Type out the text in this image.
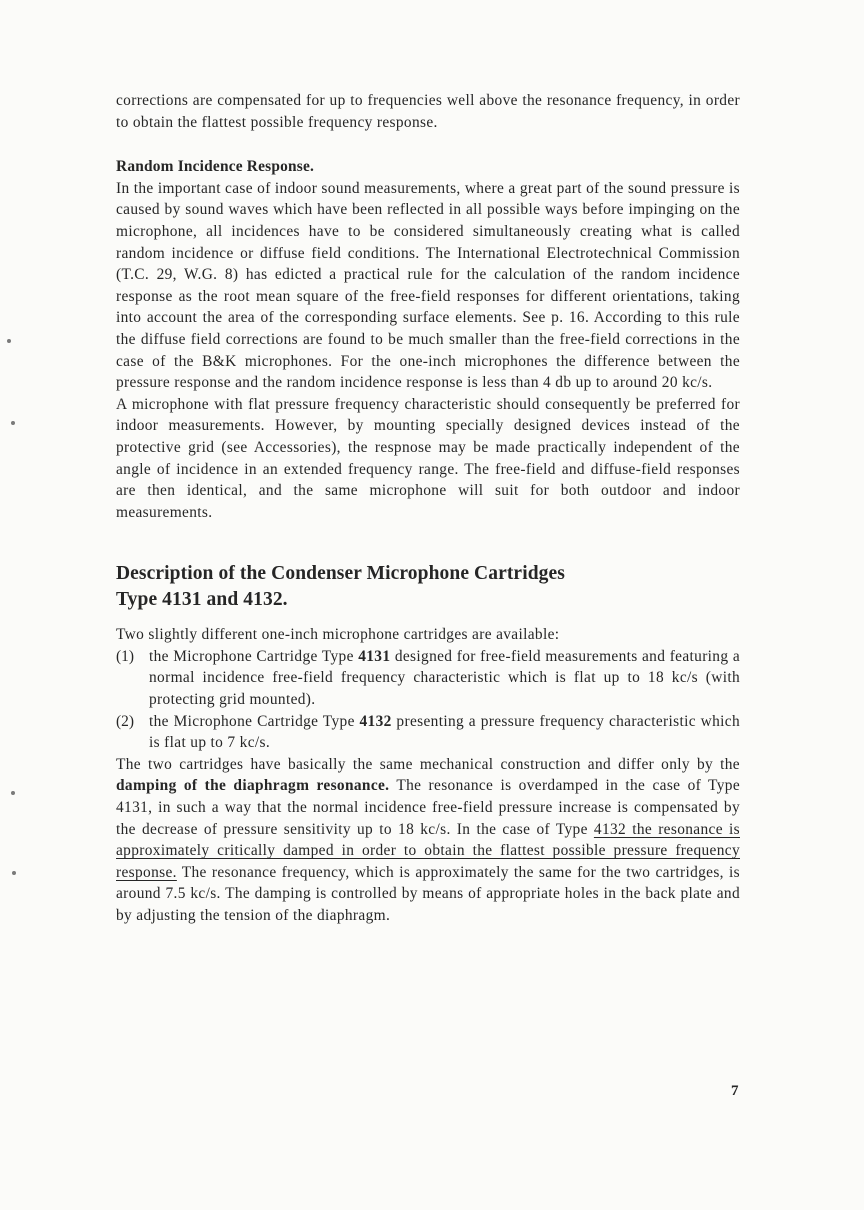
corrections are compensated for up to frequencies well above the resonance frequency, in order to obtain the flattest possible frequency response.

Random Incidence Response.

In the important case of indoor sound measurements, where a great part of the sound pressure is caused by sound waves which have been reflected in all possible ways before impinging on the microphone, all incidences have to be considered simultaneously creating what is called random incidence or diffuse field conditions. The International Electrotechnical Commission (T.C. 29, W.G. 8) has edicted a practical rule for the calculation of the random incidence response as the root mean square of the free-field responses for different orientations, taking into account the area of the corresponding surface elements. See p. 16. According to this rule the diffuse field corrections are found to be much smaller than the free-field corrections in the case of the B&K microphones. For the one-inch microphones the difference between the pressure response and the random incidence response is less than 4 db up to around 20 kc/s.

A microphone with flat pressure frequency characteristic should consequently be preferred for indoor measurements. However, by mounting specially designed devices instead of the protective grid (see Accessories), the respnose may be made practically independent of the angle of incidence in an extended frequency range. The free-field and diffuse-field responses are then identical, and the same microphone will suit for both outdoor and indoor measurements.

Description of the Condenser Microphone Cartridges
Type 4131 and 4132.

Two slightly different one-inch microphone cartridges are available:

(1) the Microphone Cartridge Type 4131 designed for free-field measurements and featuring a normal incidence free-field frequency characteristic which is flat up to 18 kc/s (with protecting grid mounted).

(2) the Microphone Cartridge Type 4132 presenting a pressure frequency characteristic which is flat up to 7 kc/s.

The two cartridges have basically the same mechanical construction and differ only by the damping of the diaphragm resonance. The resonance is overdamped in the case of Type 4131, in such a way that the normal incidence free-field pressure increase is compensated by the decrease of pressure sensitivity up to 18 kc/s. In the case of Type 4132 the resonance is approximately critically damped in order to obtain the flattest possible pressure frequency response. The resonance frequency, which is approximately the same for the two cartridges, is around 7.5 kc/s. The damping is controlled by means of appropriate holes in the back plate and by adjusting the tension of the diaphragm.

7
